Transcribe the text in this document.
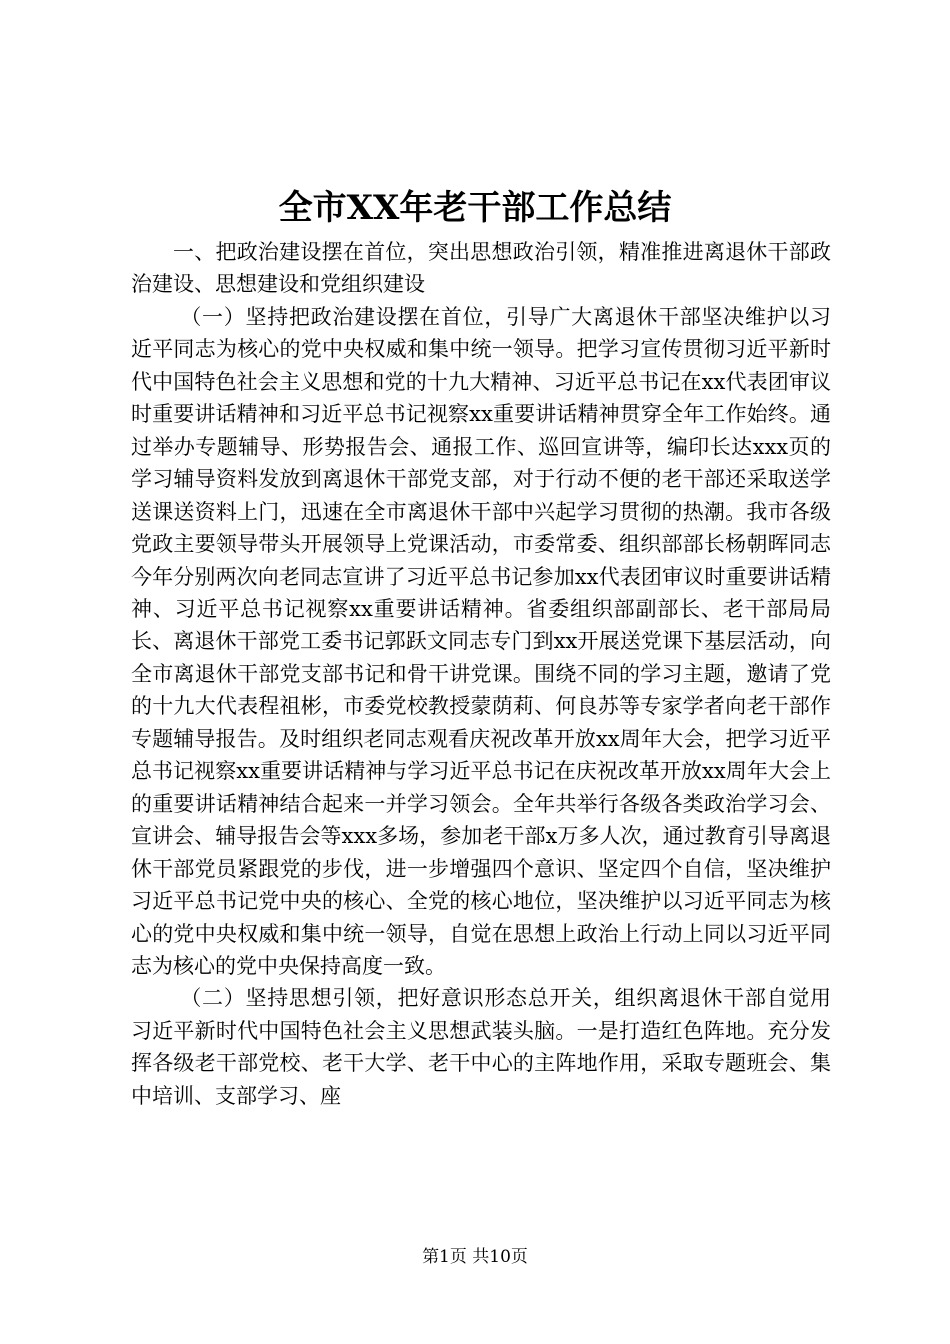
全市XX年老干部工作总结

一、把政治建设摆在首位，突出思想政治引领，精准推进离退休干部政治建设、思想建设和党组织建设

（一）坚持把政治建设摆在首位，引导广大离退休干部坚决维护以习近平同志为核心的党中央权威和集中统一领导。把学习宣传贯彻习近平新时代中国特色社会主义思想和党的十九大精神、习近平总书记在xx代表团审议时重要讲话精神和习近平总书记视察xx重要讲话精神贯穿全年工作始终。通过举办专题辅导、形势报告会、通报工作、巡回宣讲等，编印长达xxx页的学习辅导资料发放到离退休干部党支部，对于行动不便的老干部还采取送学送课送资料上门，迅速在全市离退休干部中兴起学习贯彻的热潮。我市各级党政主要领导带头开展领导上党课活动，市委常委、组织部部长杨朝晖同志今年分别两次向老同志宣讲了习近平总书记参加xx代表团审议时重要讲话精神、习近平总书记视察xx重要讲话精神。省委组织部副部长、老干部局局长、离退休干部党工委书记郭跃文同志专门到xx开展送党课下基层活动，向全市离退休干部党支部书记和骨干讲党课。围绕不同的学习主题，邀请了党的十九大代表程祖彬，市委党校教授蒙荫莉、何良苏等专家学者向老干部作专题辅导报告。及时组织老同志观看庆祝改革开放xx周年大会，把学习近平总书记视察xx重要讲话精神与学习近平总书记在庆祝改革开放xx周年大会上的重要讲话精神结合起来一并学习领会。全年共举行各级各类政治学习会、宣讲会、辅导报告会等xxx多场，参加老干部x万多人次，通过教育引导离退休干部党员紧跟党的步伐，进一步增强四个意识、坚定四个自信，坚决维护习近平总书记党中央的核心、全党的核心地位，坚决维护以习近平同志为核心的党中央权威和集中统一领导，自觉在思想上政治上行动上同以习近平同志为核心的党中央保持高度一致。

（二）坚持思想引领，把好意识形态总开关，组织离退休干部自觉用习近平新时代中国特色社会主义思想武装头脑。一是打造红色阵地。充分发挥各级老干部党校、老干大学、老干中心的主阵地作用，采取专题班会、集中培训、支部学习、座

第1页 共10页
